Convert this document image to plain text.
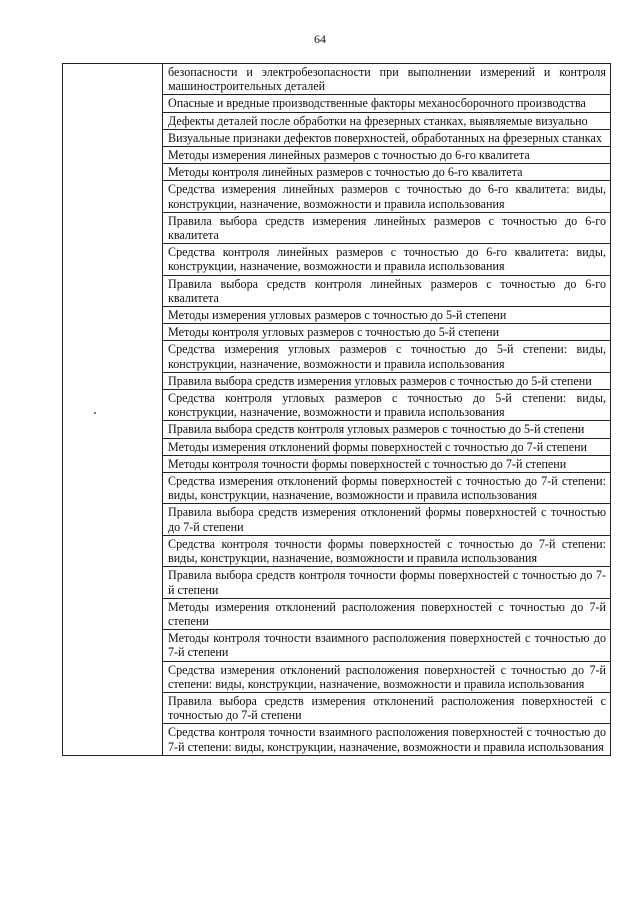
64
	безопасности и электробезопасности при выполнении измерений и контроля машиностроительных деталей
Опасные и вредные производственные факторы механосборочного производства
Дефекты деталей после обработки на фрезерных станках, выявляемые визуально
Визуальные признаки дефектов поверхностей, обработанных на фрезерных станках
Методы измерения линейных размеров с точностью до 6-го квалитета
Методы контроля линейных размеров с точностью до 6-го квалитета
Средства измерения линейных размеров с точностью до 6-го квалитета: виды, конструкции, назначение, возможности и правила использования
Правила выбора средств измерения линейных размеров с точностью до 6-го квалитета
Средства контроля линейных размеров с точностью до 6-го квалитета: виды, конструкции, назначение, возможности и правила использования
Правила выбора средств контроля линейных размеров с точностью до 6-го квалитета
Методы измерения угловых размеров с точностью до 5-й степени
Методы контроля угловых размеров с точностью до 5-й степени
Средства измерения угловых размеров с точностью до 5-й степени: виды, конструкции, назначение, возможности и правила использования
Правила выбора средств измерения угловых размеров с точностью до 5-й степени
Средства контроля угловых размеров с точностью до 5-й степени: виды, конструкции, назначение, возможности и правила использования
Правила выбора средств контроля угловых размеров с точностью до 5-й степени
Методы измерения отклонений формы поверхностей с точностью до 7-й степени
Методы контроля точности формы поверхностей с точностью до 7-й степени
Средства измерения отклонений формы поверхностей с точностью до 7-й степени: виды, конструкции, назначение, возможности и правила использования
Правила выбора средств измерения отклонений формы поверхностей с точностью до 7-й степени
Средства контроля точности формы поверхностей с точностью до 7-й степени: виды, конструкции, назначение, возможности и правила использования
Правила выбора средств контроля точности формы поверхностей с точностью до 7-й степени
Методы измерения отклонений расположения поверхностей с точностью до 7-й степени
Методы контроля точности взаимного расположения поверхностей с точностью до 7-й степени
Средства измерения отклонений расположения поверхностей с точностью до 7-й степени: виды, конструкции, назначение, возможности и правила использования
Правила выбора средств измерения отклонений расположения поверхностей с точностью до 7-й степени
Средства контроля точности взаимного расположения поверхностей с точностью до 7-й степени: виды, конструкции, назначение, возможности и правила использования
